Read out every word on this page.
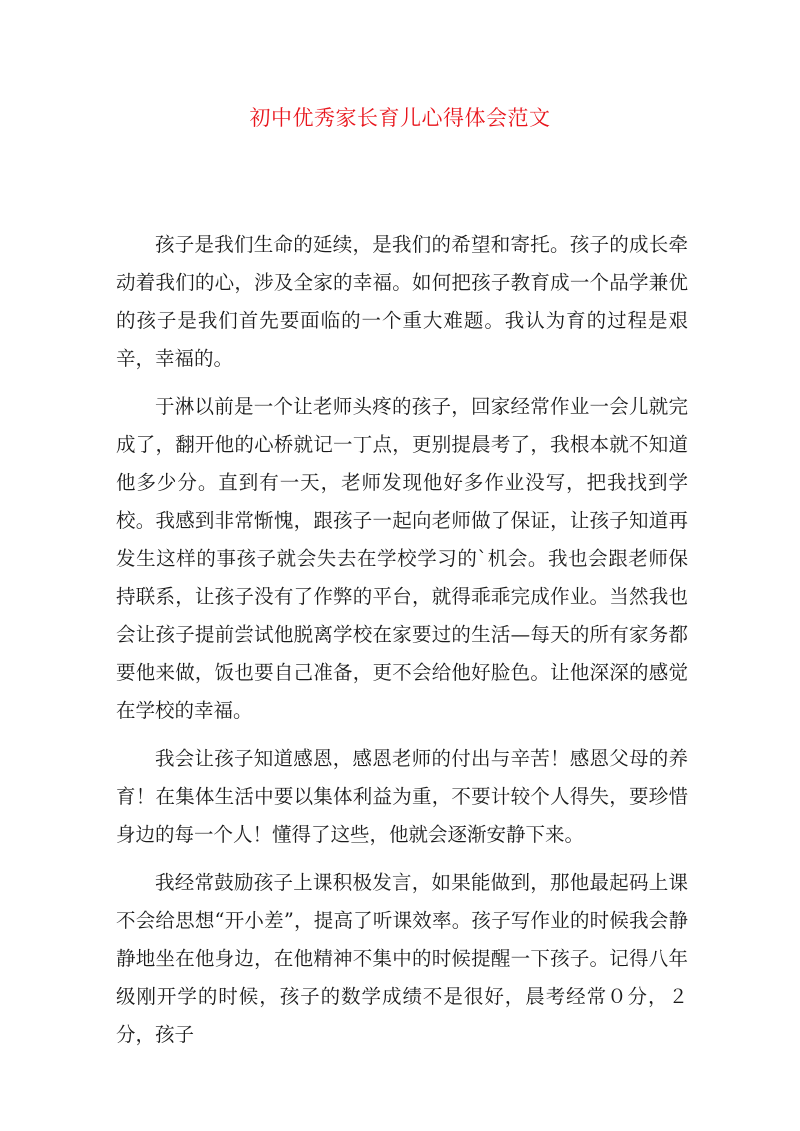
初中优秀家长育儿心得体会范文

孩子是我们生命的延续，是我们的希望和寄托。孩子的成长牵动着我们的心，涉及全家的幸福。如何把孩子教育成一个品学兼优的孩子是我们首先要面临的一个重大难题。我认为育的过程是艰辛，幸福的。

于淋以前是一个让老师头疼的孩子，回家经常作业一会儿就完成了，翻开他的心桥就记一丁点，更别提晨考了，我根本就不知道他多少分。直到有一天，老师发现他好多作业没写，把我找到学校。我感到非常惭愧，跟孩子一起向老师做了保证，让孩子知道再发生这样的事孩子就会失去在学校学习的`机会。我也会跟老师保持联系，让孩子没有了作弊的平台，就得乖乖完成作业。当然我也会让孩子提前尝试他脱离学校在家要过的生活—每天的所有家务都要他来做，饭也要自己准备，更不会给他好脸色。让他深深的感觉在学校的幸福。

我会让孩子知道感恩，感恩老师的付出与辛苦！感恩父母的养育！在集体生活中要以集体利益为重，不要计较个人得失，要珍惜身边的每一个人！懂得了这些，他就会逐渐安静下来。

我经常鼓励孩子上课积极发言，如果能做到，那他最起码上课不会给思想“开小差”，提高了听课效率。孩子写作业的时候我会静静地坐在他身边，在他精神不集中的时候提醒一下孩子。记得八年级刚开学的时候，孩子的数学成绩不是很好，晨考经常０分，２分，孩子
